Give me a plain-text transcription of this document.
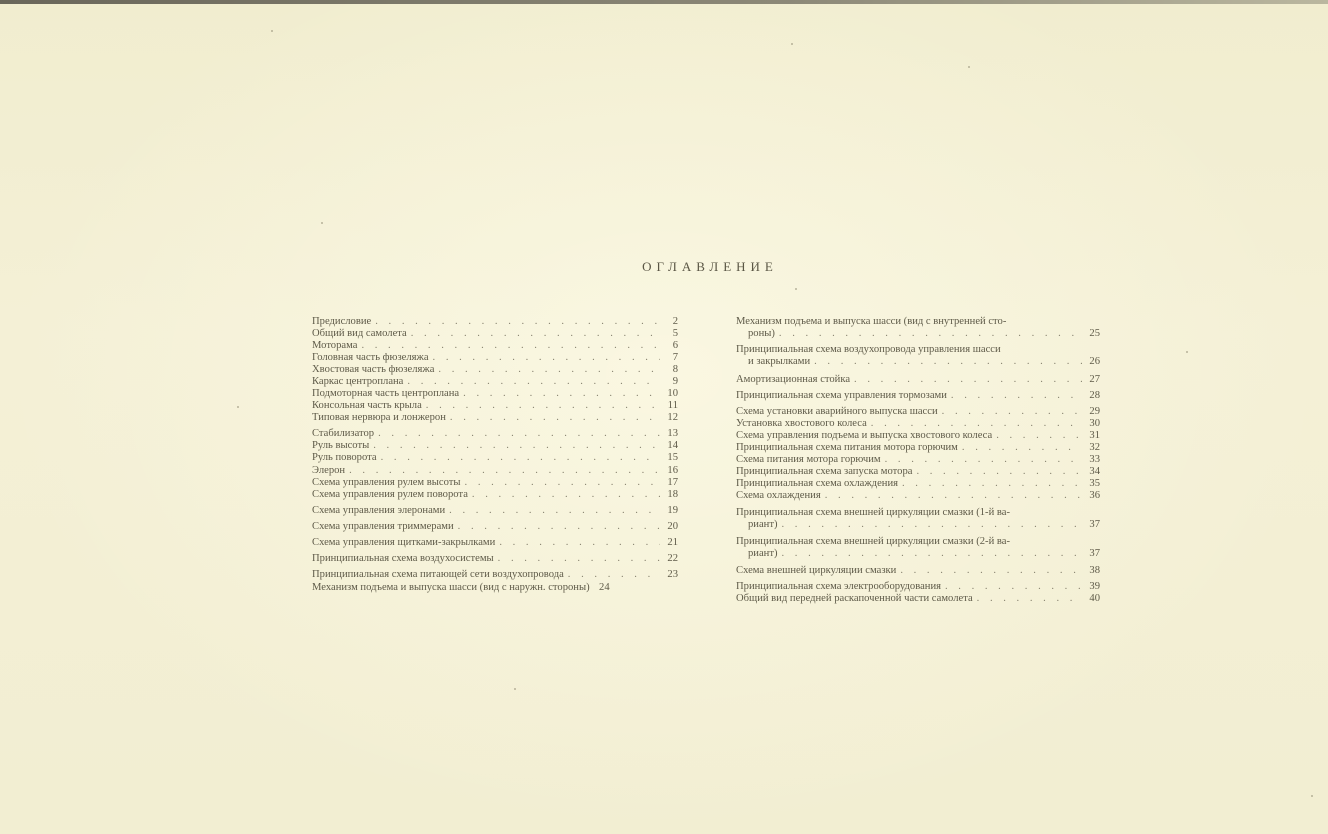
ОГЛАВЛЕНИЕ
Предисловие . . .	2
Общий вид самолета . . .	5
Моторама . . .	6
Головная часть фюзеляжа . . .	7
Хвостовая часть фюзеляжа . . .	8
Каркас центроплана . . .	9
Подмоторная часть центроплана . . .	10
Консольная часть крыла . . .	11
Типовая нервюра и лонжерон . . .	12
Стабилизатор . . .	13
Руль высоты . . .	14
Руль поворота . . .	15
Элерон . . .	16
Схема управления рулем высоты . . .	17
Схема управления рулем поворота . . .	18
Схема управления элеронами . . .	19
Схема управления триммерами . . .	20
Схема управления щитками-закрылками . . .	21
Принципиальная схема воздухосистемы . . .	22
Принципиальная схема питающей сети воздухопровода . . .	23
Механизм подъема и выпуска шасси (вид с наружн. стороны) 24
Механизм подъема и выпуска шасси (вид с внутренней сто-
роны) . . .	25
Принципиальная схема воздухопровода управления шасси
и закрылками . . .	26
Амортизационная стойка . . .	27
Принципиальная схема управления тормозами . . .	28
Схема установки аварийного выпуска шасси . . .	29
Установка хвостового колеса . . .	30
Схема управления подъема и выпуска хвостового колеса . . .	31
Принципиальная схема питания мотора горючим . . .	32
Схема питания мотора горючим . . .	33
Принципиальная схема запуска мотора . . .	34
Принципиальная схема охлаждения . . .	35
Схема охлаждения . . .	36
Принципиальная схема внешней циркуляции смазки (1-й ва-
риант) . . .	37
Принципиальная схема внешней циркуляции смазки (2-й ва-
риант) . . .	37
Схема внешней циркуляции смазки . . .	38
Принципиальная схема электрооборудования . . .	39
Общий вид передней раскапоченной части самолета . . .	40
